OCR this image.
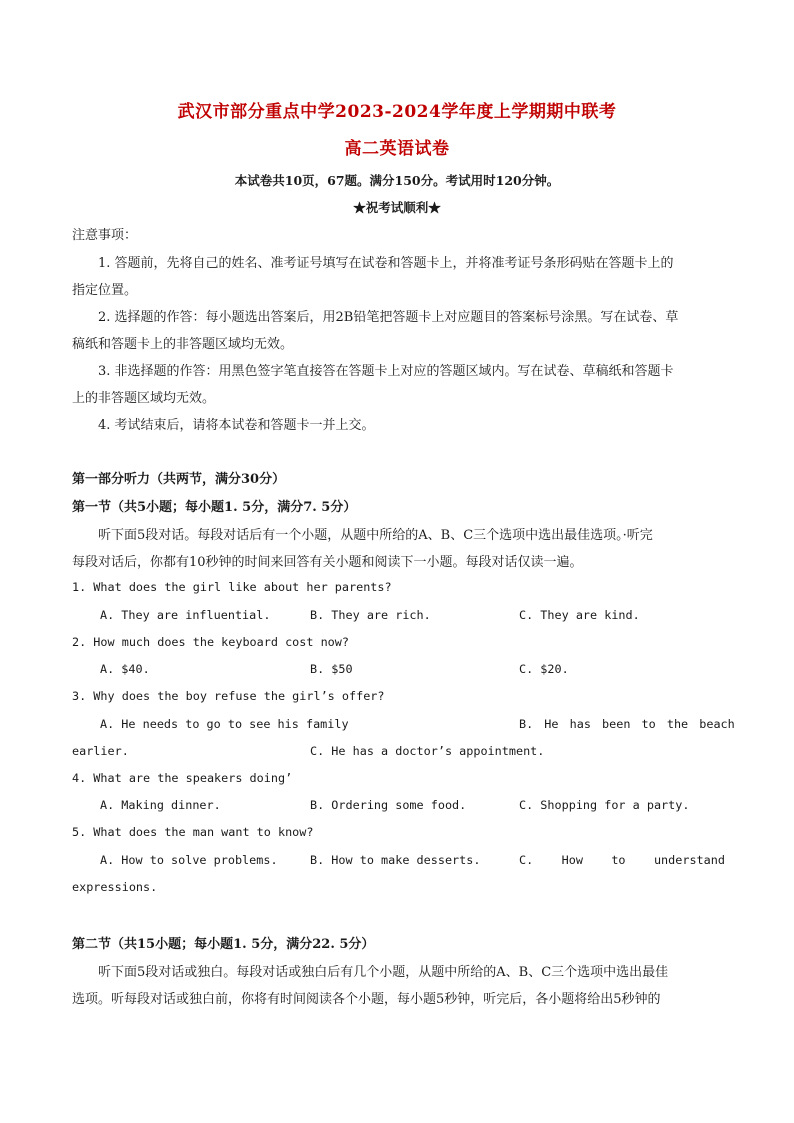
武汉市部分重点中学2023-2024学年度上学期期中联考
高二英语试卷
本试卷共10页，67题。满分150分。考试用时120分钟。
★祝考试顺利★
注意事项：
1. 答题前，先将自己的姓名、准考证号填写在试卷和答题卡上，并将准考证号条形码贴在答题卡上的
指定位置。
2. 选择题的作答：每小题选出答案后，用2B铅笔把答题卡上对应题目的答案标号涂黑。写在试卷、草
稿纸和答题卡上的非答题区域均无效。
3. 非选择题的作答：用黑色签字笔直接答在答题卡上对应的答题区域内。写在试卷、草稿纸和答题卡
上的非答题区域均无效。
4. 考试结束后，请将本试卷和答题卡一并上交。
第一部分听力（共两节，满分30分）
第一节（共5小题；每小题1. 5分，满分7. 5分）
听下面5段对话。每段对话后有一个小题，从题中所给的A、B、C三个选项中选出最佳选项。·听完
每段对话后，你都有10秒钟的时间来回答有关小题和阅读下一小题。每段对话仅读一遍。
1. What does the girl like about her parents?
A. They are influential.	B. They are rich.	C. They are kind.
2. How much does the keyboard cost now?
A. $40.	B. $50	C. $20.
3. Why does the boy refuse the girl’s offer?
A. He needs to go to see his family	B. He has been to the beach
earlier.	C. He has a doctor’s appointment.
4. What are the speakers doing’
A. Making dinner.	B. Ordering some food.	C. Shopping for a party.
5. What does the man want to know?
A. How to solve problems.	B. How to make desserts.	C.    How    to    understand
expressions.
第二节（共15小题；每小题1. 5分，满分22. 5分）
听下面5段对话或独白。每段对话或独白后有几个小题，从题中所给的A、B、C三个选项中选出最佳
选项。听每段对话或独白前，你将有时间阅读各个小题，每小题5秒钟，听完后，各小题将给出5秒钟的
